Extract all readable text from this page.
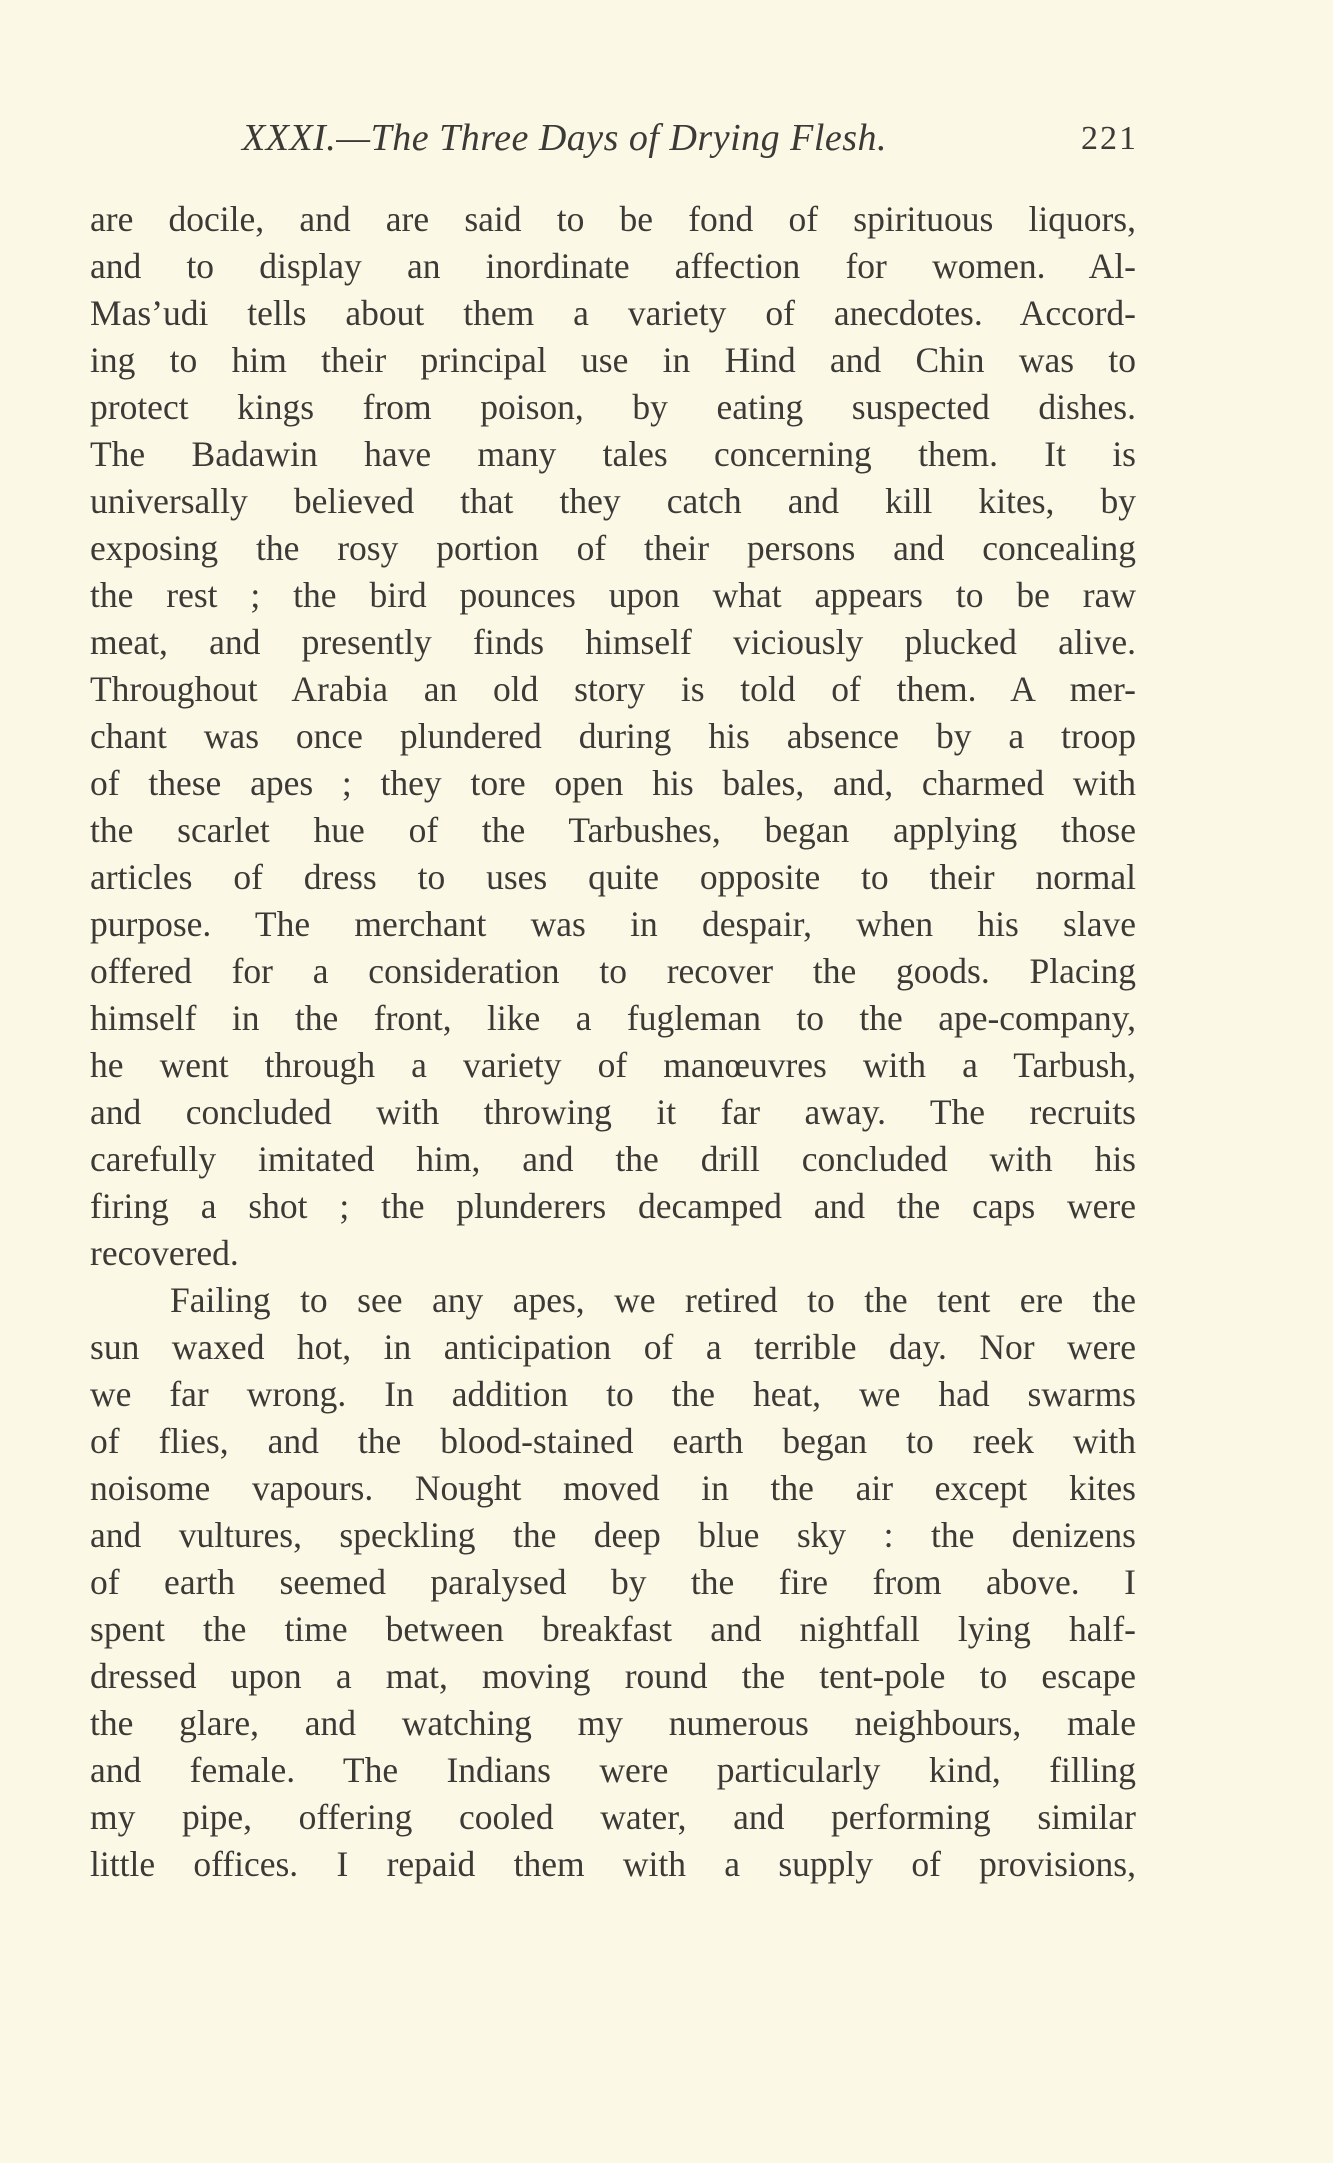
XXXI.—The Three Days of Drying Flesh.	221
are docile, and are said to be fond of spirituous liquors,
and to display an inordinate affection for women. Al-
Mas’udi tells about them a variety of anecdotes. Accord-
ing to him their principal use in Hind and Chin was to
protect kings from poison, by eating suspected dishes.
The Badawin have many tales concerning them. It is
universally believed that they catch and kill kites, by
exposing the rosy portion of their persons and concealing
the rest ; the bird pounces upon what appears to be raw
meat, and presently finds himself viciously plucked alive.
Throughout Arabia an old story is told of them. A mer-
chant was once plundered during his absence by a troop
of these apes ; they tore open his bales, and, charmed with
the scarlet hue of the Tarbushes, began applying those
articles of dress to uses quite opposite to their normal
purpose. The merchant was in despair, when his slave
offered for a consideration to recover the goods. Placing
himself in the front, like a fugleman to the ape-company,
he went through a variety of manœuvres with a Tarbush,
and concluded with throwing it far away. The recruits
carefully imitated him, and the drill concluded with his
firing a shot ; the plunderers decamped and the caps were
recovered.
Failing to see any apes, we retired to the tent ere the
sun waxed hot, in anticipation of a terrible day. Nor were
we far wrong. In addition to the heat, we had swarms
of flies, and the blood-stained earth began to reek with
noisome vapours. Nought moved in the air except kites
and vultures, speckling the deep blue sky : the denizens
of earth seemed paralysed by the fire from above. I
spent the time between breakfast and nightfall lying half-
dressed upon a mat, moving round the tent-pole to escape
the glare, and watching my numerous neighbours, male
and female. The Indians were particularly kind, filling
my pipe, offering cooled water, and performing similar
little offices. I repaid them with a supply of provisions,
